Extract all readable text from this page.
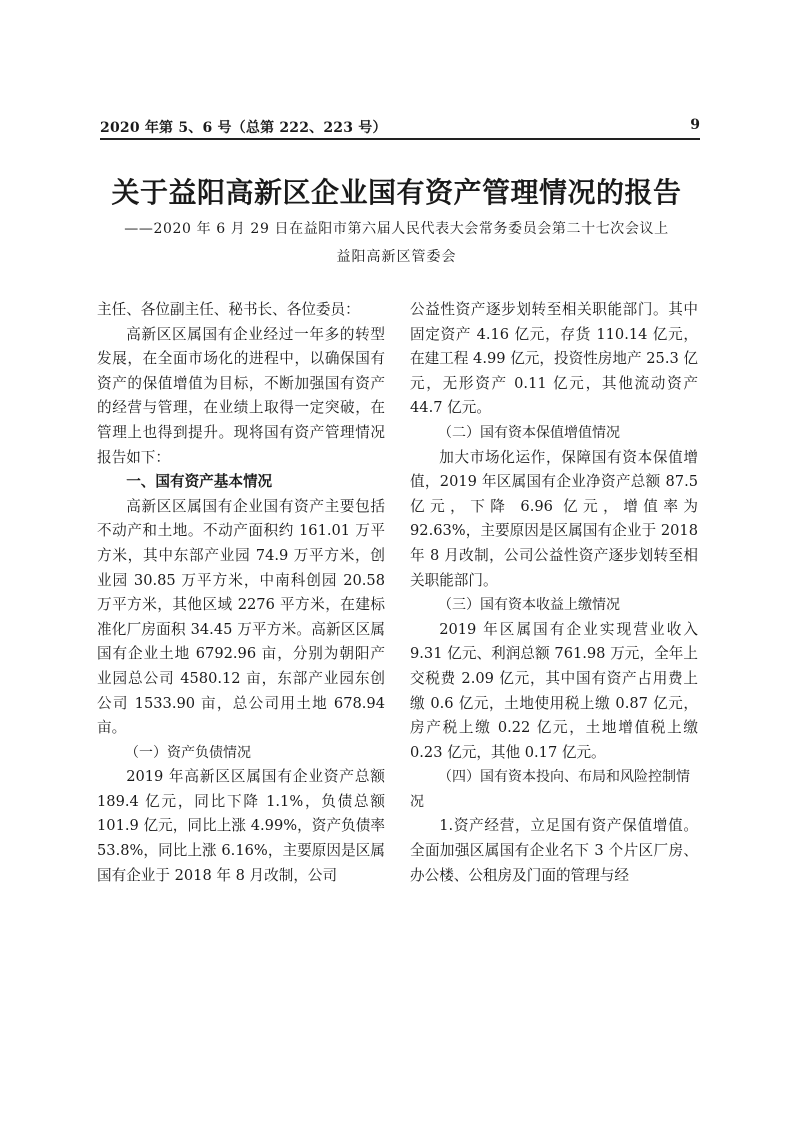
2020 年第 5、6 号（总第 222、223 号）	9
关于益阳高新区企业国有资产管理情况的报告
——2020 年 6 月 29 日在益阳市第六届人民代表大会常务委员会第二十七次会议上
益阳高新区管委会

主任、各位副主任、秘书长、各位委员：

高新区区属国有企业经过一年多的转型发展，在全面市场化的进程中，以确保国有资产的保值增值为目标，不断加强国有资产的经营与管理，在业绩上取得一定突破，在管理上也得到提升。现将国有资产管理情况报告如下：

一、国有资产基本情况

高新区区属国有企业国有资产主要包括不动产和土地。不动产面积约 161.01 万平方米，其中东部产业园 74.9 万平方米，创业园 30.85 万平方米，中南科创园 20.58 万平方米，其他区域 2276 平方米，在建标准化厂房面积 34.45 万平方米。高新区区属国有企业土地 6792.96 亩，分别为朝阳产业园总公司 4580.12 亩，东部产业园东创公司 1533.90 亩，总公司用土地 678.94 亩。

（一）资产负债情况

2019 年高新区区属国有企业资产总额 189.4 亿元，同比下降 1.1%，负债总额 101.9 亿元，同比上涨 4.99%，资产负债率 53.8%，同比上涨 6.16%，主要原因是区属国有企业于 2018 年 8 月改制，公司

公益性资产逐步划转至相关职能部门。其中固定资产 4.16 亿元，存货 110.14 亿元，在建工程 4.99 亿元，投资性房地产 25.3 亿元，无形资产 0.11 亿元，其他流动资产 44.7 亿元。

（二）国有资本保值增值情况

加大市场化运作，保障国有资本保值增值，2019 年区属国有企业净资产总额 87.5 亿元，下降 6.96 亿元，增值率为 92.63%，主要原因是区属国有企业于 2018 年 8 月改制，公司公益性资产逐步划转至相关职能部门。

（三）国有资本收益上缴情况

2019 年区属国有企业实现营业收入 9.31 亿元、利润总额 761.98 万元，全年上交税费 2.09 亿元，其中国有资产占用费上缴 0.6 亿元，土地使用税上缴 0.87 亿元，房产税上缴 0.22 亿元，土地增值税上缴 0.23 亿元，其他 0.17 亿元。

（四）国有资本投向、布局和风险控制情况

1.资产经营，立足国有资产保值增值。全面加强区属国有企业名下 3 个片区厂房、办公楼、公租房及门面的管理与经
